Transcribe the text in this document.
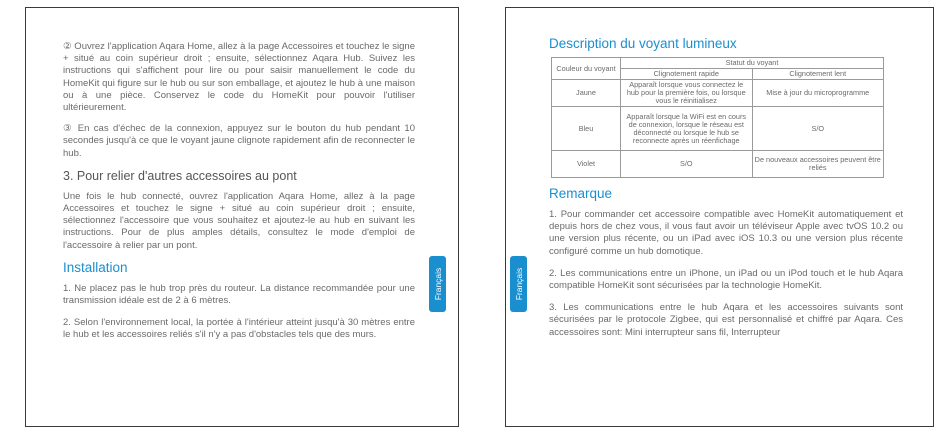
② Ouvrez l'application Aqara Home, allez à la page Accessoires et touchez le signe + situé au coin supérieur droit ; ensuite, sélectionnez Aqara Hub. Suivez les instructions qui s'affichent pour lire ou pour saisir manuellement le code du HomeKit qui figure sur le hub ou sur son emballage, et ajoutez le hub à une maison ou à une pièce. Conservez le code du HomeKit pour pouvoir l'utiliser ultérieurement.

③ En cas d'échec de la connexion, appuyez sur le bouton du hub pendant 10 secondes jusqu'à ce que le voyant jaune clignote rapidement afin de reconnecter le hub.

3. Pour relier d'autres accessoires au pont

Une fois le hub connecté, ouvrez l'application Aqara Home, allez à la page Accessoires et touchez le signe + situé au coin supérieur droit ; ensuite, sélectionnez l'accessoire que vous souhaitez et ajoutez-le au hub en suivant les instructions. Pour de plus amples détails, consultez le mode d'emploi de l'accessoire à relier par un pont.

Installation

1. Ne placez pas le hub trop près du routeur. La distance recommandée pour une transmission idéale est de 2 à 6 mètres.

2. Selon l'environnement local, la portée à l'intérieur atteint jusqu'à 30 mètres entre le hub et les accessoires reliés s'il n'y a pas d'obstacles tels que des murs.

Français
Description du voyant lumineux
Couleur du voyant	Statut du voyant	
	Clignotement rapide	Clignotement lent
Jaune	Apparaît lorsque vous connectez le hub pour la première fois, ou lorsque vous le réinitialisez	Mise à jour du microprogramme
Bleu	Apparaît lorsque la WiFi est en cours de connexion, lorsque le réseau est déconnecté ou lorsque le hub se reconnecte après un réenfichage	S/O
Violet	S/O	De nouveaux accessoires peuvent être reliés
Remarque

1. Pour commander cet accessoire compatible avec HomeKit automatiquement et depuis hors de chez vous, il vous faut avoir un téléviseur Apple avec tvOS 10.2 ou une version plus récente, ou un iPad avec iOS 10.3 ou une version plus récente configuré comme un hub domotique.

2. Les communications entre un iPhone, un iPad ou un iPod touch et le hub Aqara compatible HomeKit sont sécurisées par la technologie HomeKit.

3. Les communications entre le hub Aqara et les accessoires suivants sont sécurisées par le protocole Zigbee, qui est personnalisé et chiffré par Aqara. Ces accessoires sont: Mini interrupteur sans fil, Interrupteur

Français
